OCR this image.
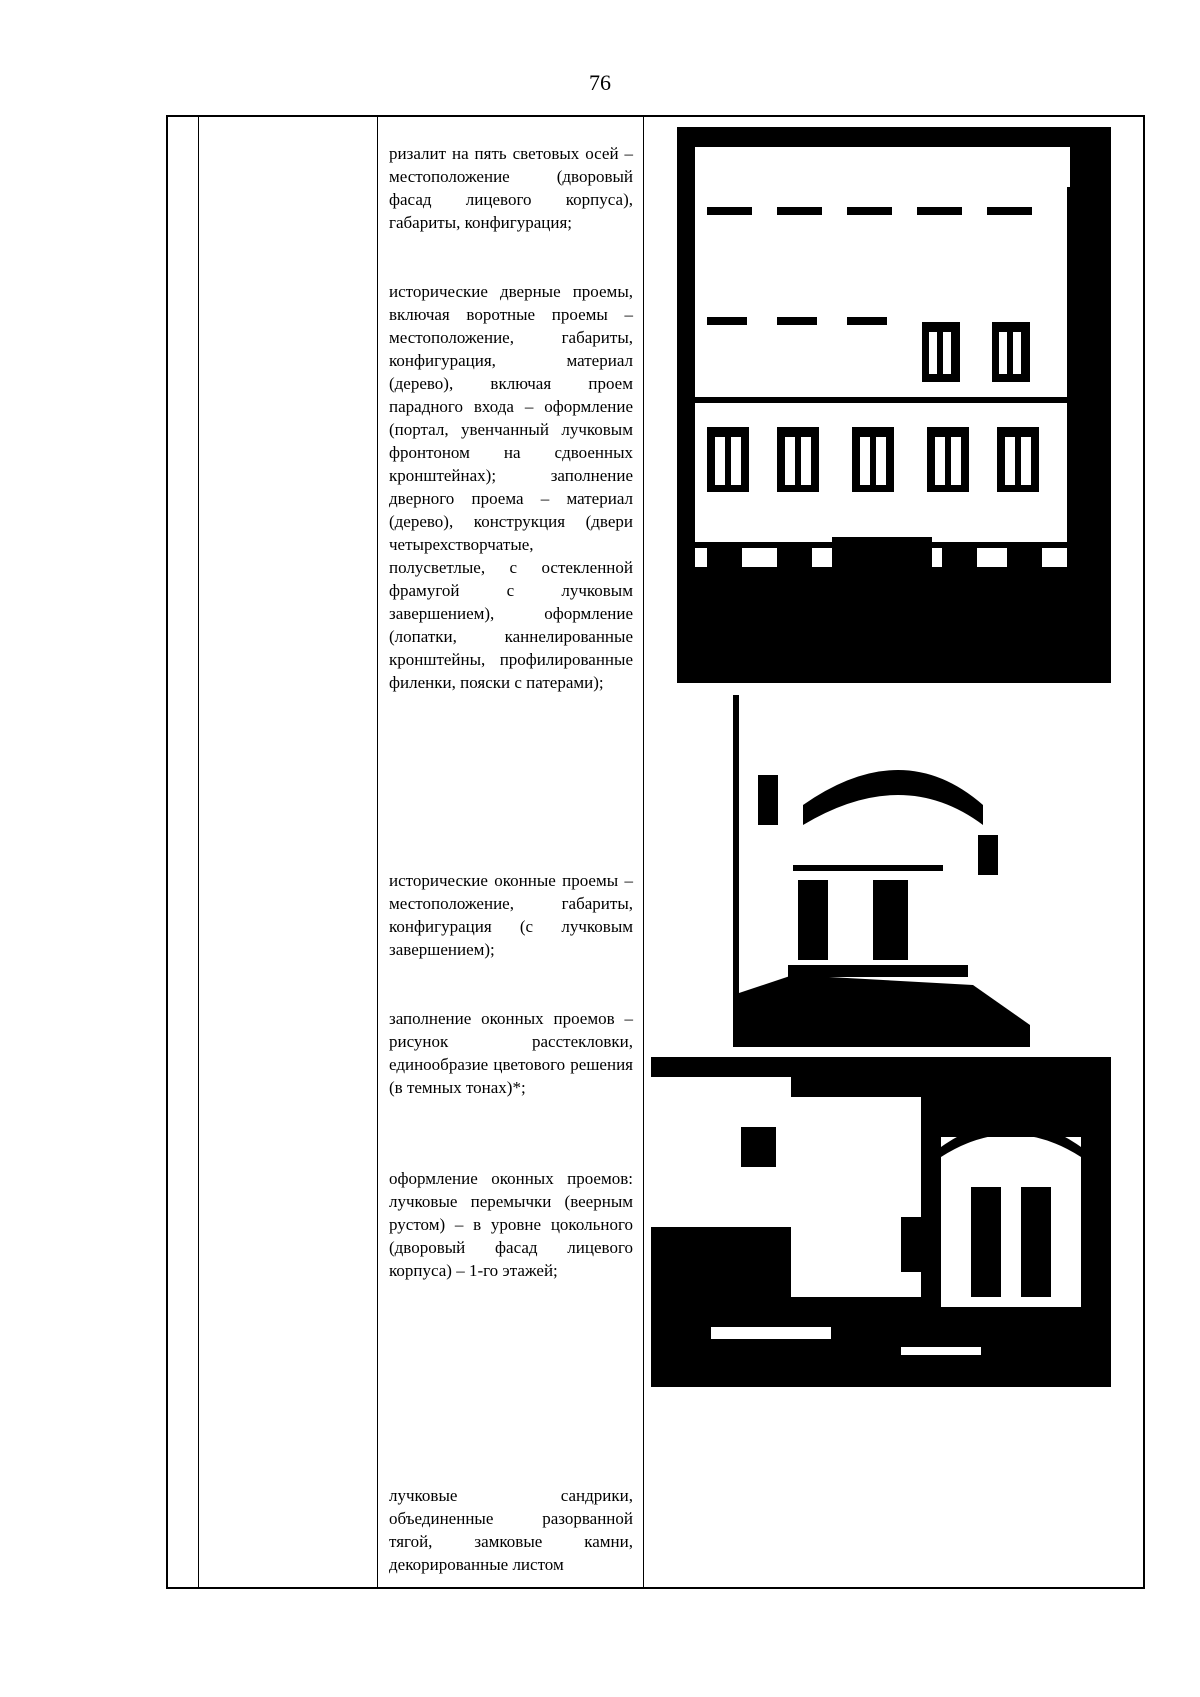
76
ризалит на пять световых осей – местоположение (дворовый фасад лицевого корпуса), габариты, конфигурация;
исторические дверные проемы, включая воротные проемы – местоположение, габариты, конфигурация, материал (дерево), включая проем парадного входа – оформление (портал, увенчанный лучковым фронтоном на сдвоенных кронштейнах); заполнение дверного проема – материал (дерево), конструкция (двери четырехстворчатые, полусветлые, с остекленной фрамугой с лучковым завершением), оформление (лопатки, каннелированные кронштейны, профилированные филенки, пояски с патерами);
исторические оконные проемы – местоположение, габариты, конфигурация (с лучковым завершением);
заполнение оконных проемов – рисунок расстекловки, единообразие цветового решения (в темных тонах)*;
оформление оконных проемов: лучковые перемычки (веерным рустом) – в уровне цокольного (дворовый фасад лицевого корпуса) – 1-го этажей;
лучковые сандрики, объединенные разорванной тягой, замковые камни, декорированные листом
